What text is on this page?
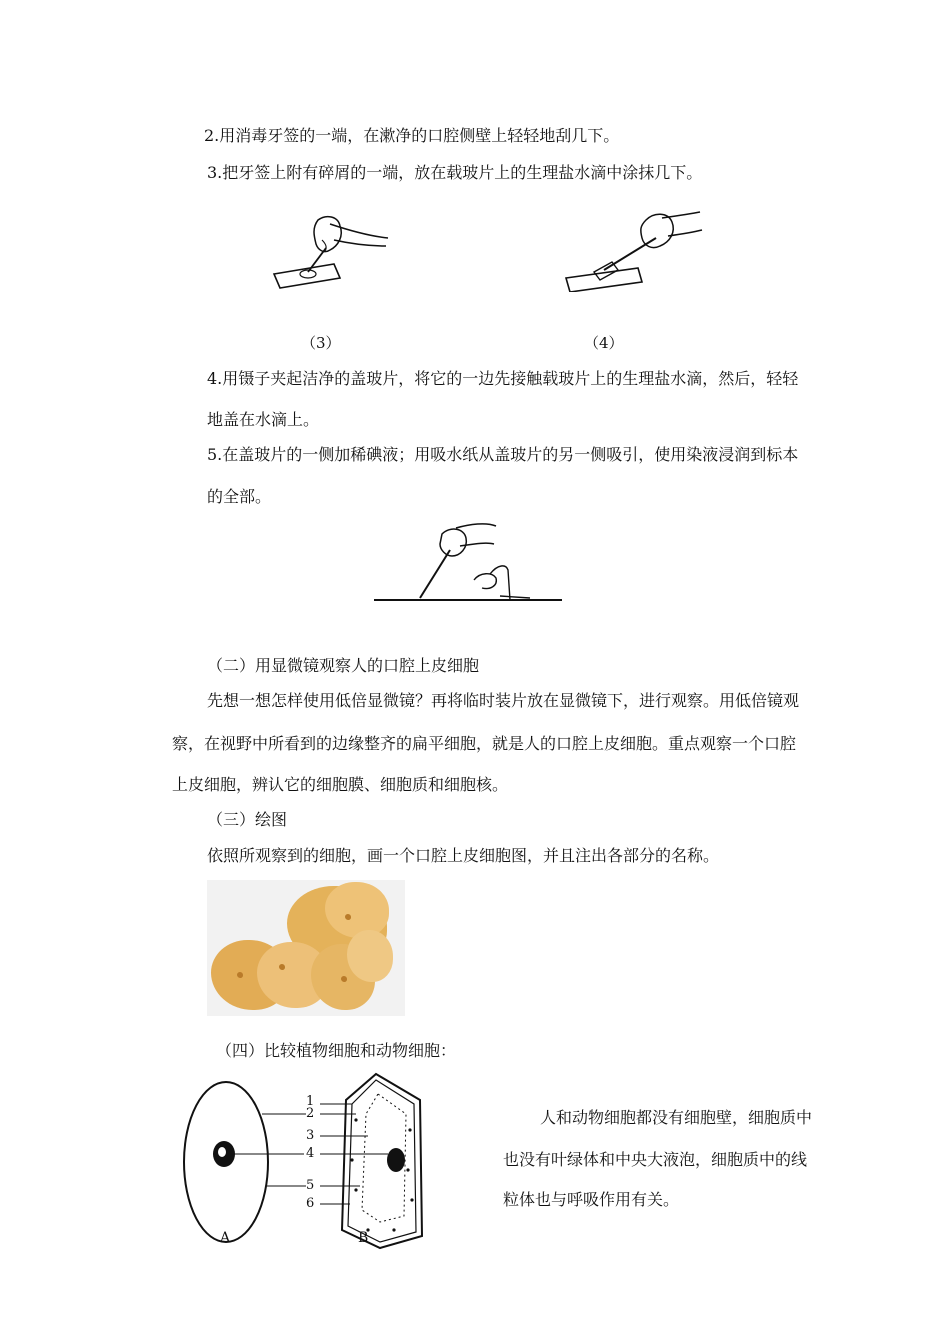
2.用消毒牙签的一端，在漱净的口腔侧壁上轻轻地刮几下。
3.把牙签上附有碎屑的一端，放在载玻片上的生理盐水滴中涂抹几下。
（3）	（4）
4.用镊子夹起洁净的盖玻片，将它的一边先接触载玻片上的生理盐水滴，然后，轻轻
地盖在水滴上。
5.在盖玻片的一侧加稀碘液；用吸水纸从盖玻片的另一侧吸引，使用染液浸润到标本
的全部。
（二）用显微镜观察人的口腔上皮细胞
先想一想怎样使用低倍显微镜？再将临时装片放在显微镜下，进行观察。用低倍镜观
察，在视野中所看到的边缘整齐的扁平细胞，就是人的口腔上皮细胞。重点观察一个口腔
上皮细胞，辨认它的细胞膜、细胞质和细胞核。
（三）绘图
依照所观察到的细胞，画一个口腔上皮细胞图，并且注出各部分的名称。
（四）比较植物细胞和动物细胞：
1
2
3
4
5
6
A	B
人和动物细胞都没有细胞壁，细胞质中
也没有叶绿体和中央大液泡，细胞质中的线
粒体也与呼吸作用有关。
